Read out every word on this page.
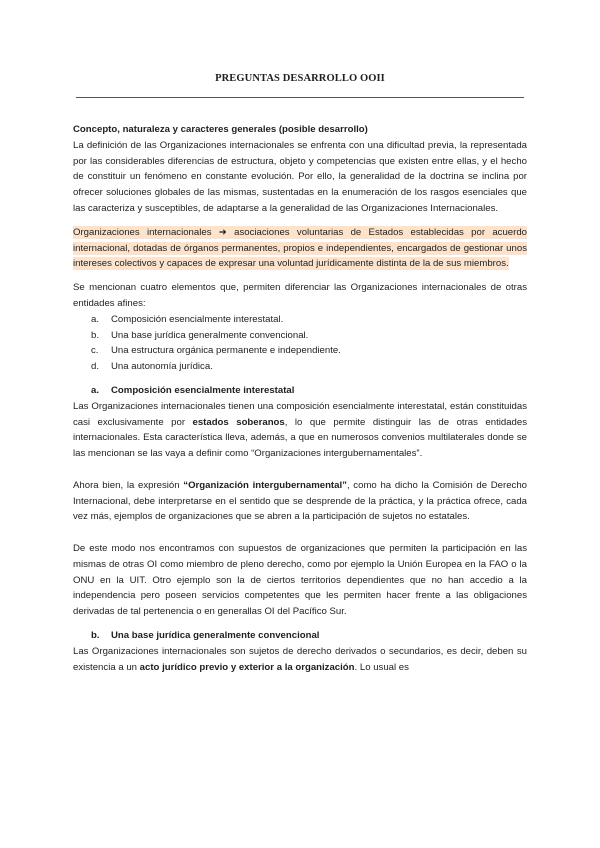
PREGUNTAS DESARROLLO OOII

Concepto, naturaleza y caracteres generales (posible desarrollo)

La definición de las Organizaciones internacionales se enfrenta con una dificultad previa, la representada por las considerables diferencias de estructura, objeto y competencias que existen entre ellas, y el hecho de constituir un fenómeno en constante evolución. Por ello, la generalidad de la doctrina se inclina por ofrecer soluciones globales de las mismas, sustentadas en la enumeración de los rasgos esenciales que las caracteriza y susceptibles, de adaptarse a la generalidad de las Organizaciones Internacionales.

Organizaciones internacionales ➜ asociaciones voluntarias de Estados establecidas por acuerdo internacional, dotadas de órganos permanentes, propios e independientes, encargados de gestionar unos intereses colectivos y capaces de expresar una voluntad jurídicamente distinta de la de sus miembros.

Se mencionan cuatro elementos que, permiten diferenciar las Organizaciones internacionales de otras entidades afines:

a.	Composición esencialmente interestatal.
b.	Una base jurídica generalmente convencional.
c.	Una estructura orgánica permanente e independiente.
d.	Una autonomía jurídica.

a. Composición esencialmente interestatal

Las Organizaciones internacionales tienen una composición esencialmente interestatal, están constituidas casi exclusivamente por estados soberanos, lo que permite distinguir las de otras entidades internacionales. Esta característica lleva, además, a que en numerosos convenios multilaterales donde se las mencionan se las vaya a definir como “Organizaciones intergubernamentales”.

Ahora bien, la expresión “Organización intergubernamental”, como ha dicho la Comisión de Derecho Internacional, debe interpretarse en el sentido que se desprende de la práctica, y la práctica ofrece, cada vez más, ejemplos de organizaciones que se abren a la participación de sujetos no estatales.

De este modo nos encontramos con supuestos de organizaciones que permiten la participación en las mismas de otras OI como miembro de pleno derecho, como por ejemplo la Unión Europea en la FAO o la ONU en la UIT. Otro ejemplo son la de ciertos territorios dependientes que no han accedio a la independencia pero poseen servicios competentes que les permiten hacer frente a las obligaciones derivadas de tal pertenencia o en generallas OI del Pacífico Sur.

b. Una base jurídica generalmente convencional

Las Organizaciones internacionales son sujetos de derecho derivados o secundarios, es decir, deben su existencia a un acto jurídico previo y exterior a la organización. Lo usual es
